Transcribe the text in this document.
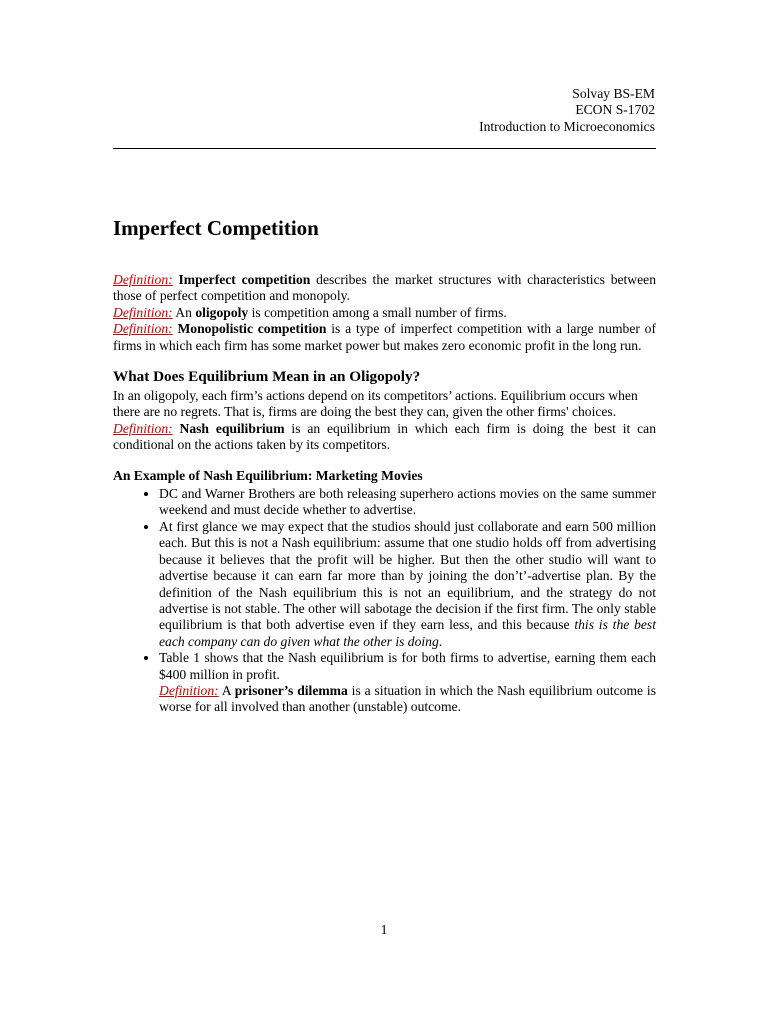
Solvay BS-EM
ECON S-1702
Introduction to Microeconomics
Imperfect Competition

Definition: Imperfect competition describes the market structures with characteristics between those of perfect competition and monopoly.

Definition: An oligopoly is competition among a small number of firms.

Definition: Monopolistic competition is a type of imperfect competition with a large number of firms in which each firm has some market power but makes zero economic profit in the long run.

What Does Equilibrium Mean in an Oligopoly?

In an oligopoly, each firm’s actions depend on its competitors’ actions. Equilibrium occurs when there are no regrets. That is, firms are doing the best they can, given the other firms' choices.

Definition: Nash equilibrium is an equilibrium in which each firm is doing the best it can conditional on the actions taken by its competitors.

An Example of Nash Equilibrium: Marketing Movies
• DC and Warner Brothers are both releasing superhero actions movies on the same summer weekend and must decide whether to advertise.
• At first glance we may expect that the studios should just collaborate and earn 500 million each. But this is not a Nash equilibrium: assume that one studio holds off from advertising because it believes that the profit will be higher. But then the other studio will want to advertise because it can earn far more than by joining the don’t’-advertise plan. By the definition of the Nash equilibrium this is not an equilibrium, and the strategy do not advertise is not stable. The other will sabotage the decision if the first firm. The only stable equilibrium is that both advertise even if they earn less, and this because this is the best each company can do given what the other is doing.
• Table 1 shows that the Nash equilibrium is for both firms to advertise, earning them each $400 million in profit.
Definition: A prisoner’s dilemma is a situation in which the Nash equilibrium outcome is worse for all involved than another (unstable) outcome.
1
